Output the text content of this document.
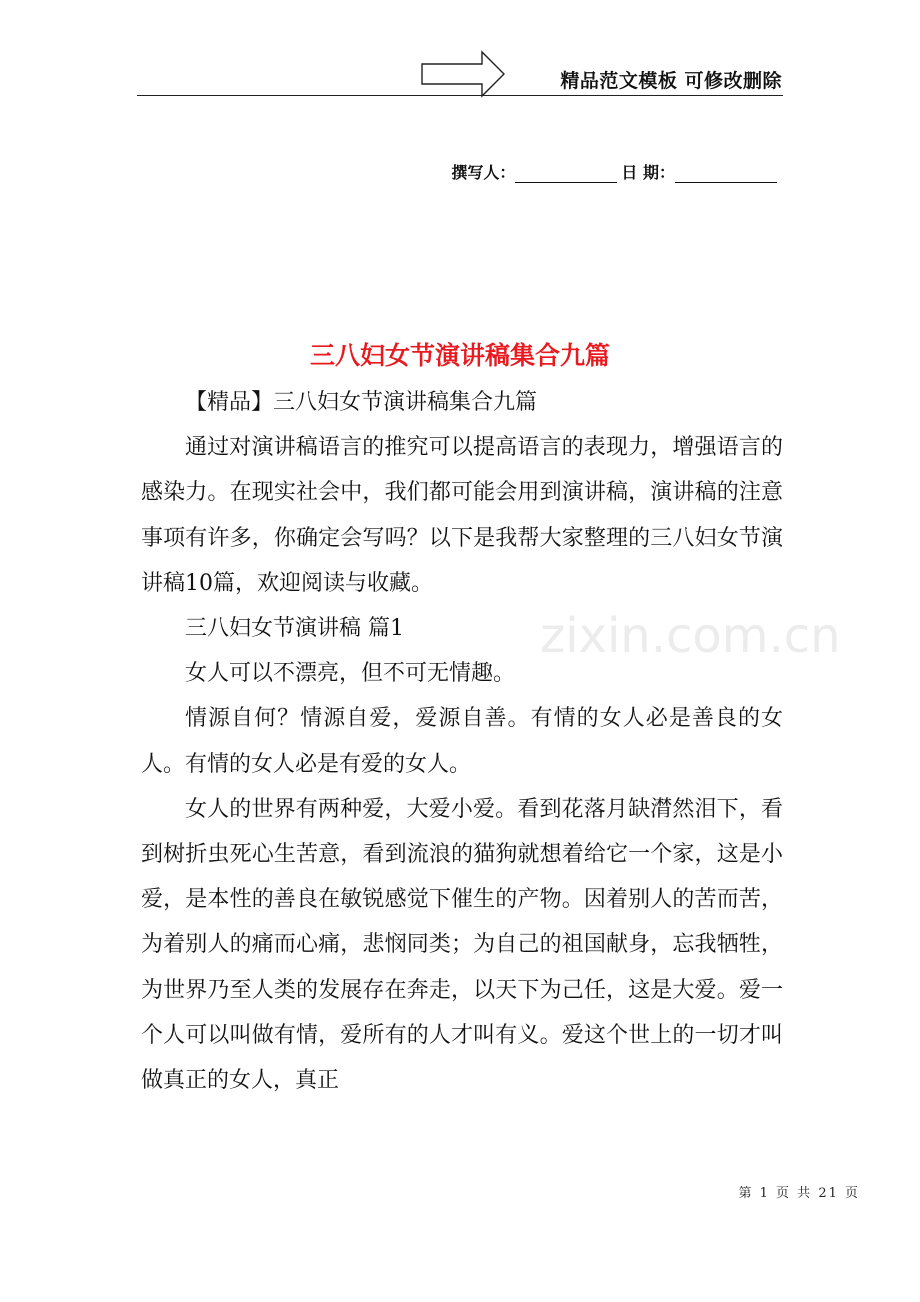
精品范文模板 可修改删除
撰写人：	日 期：
三八妇女节演讲稿集合九篇

【精品】三八妇女节演讲稿集合九篇

通过对演讲稿语言的推究可以提高语言的表现力，增强语言的感染力。在现实社会中，我们都可能会用到演讲稿，演讲稿的注意事项有许多，你确定会写吗？以下是我帮大家整理的三八妇女节演讲稿10篇，欢迎阅读与收藏。

三八妇女节演讲稿 篇1

女人可以不漂亮，但不可无情趣。

情源自何？情源自爱，爱源自善。有情的女人必是善良的女人。有情的女人必是有爱的女人。

女人的世界有两种爱，大爱小爱。看到花落月缺潸然泪下，看到树折虫死心生苦意，看到流浪的猫狗就想着给它一个家，这是小爱，是本性的善良在敏锐感觉下催生的产物。因着别人的苦而苦，为着别人的痛而心痛，悲悯同类；为自己的祖国献身，忘我牺牲，为世界乃至人类的发展存在奔走，以天下为己任，这是大爱。爱一个人可以叫做有情，爱所有的人才叫有义。爱这个世上的一切才叫做真正的女人，真正

zixin.com.cn
第 1 页 共 21 页
